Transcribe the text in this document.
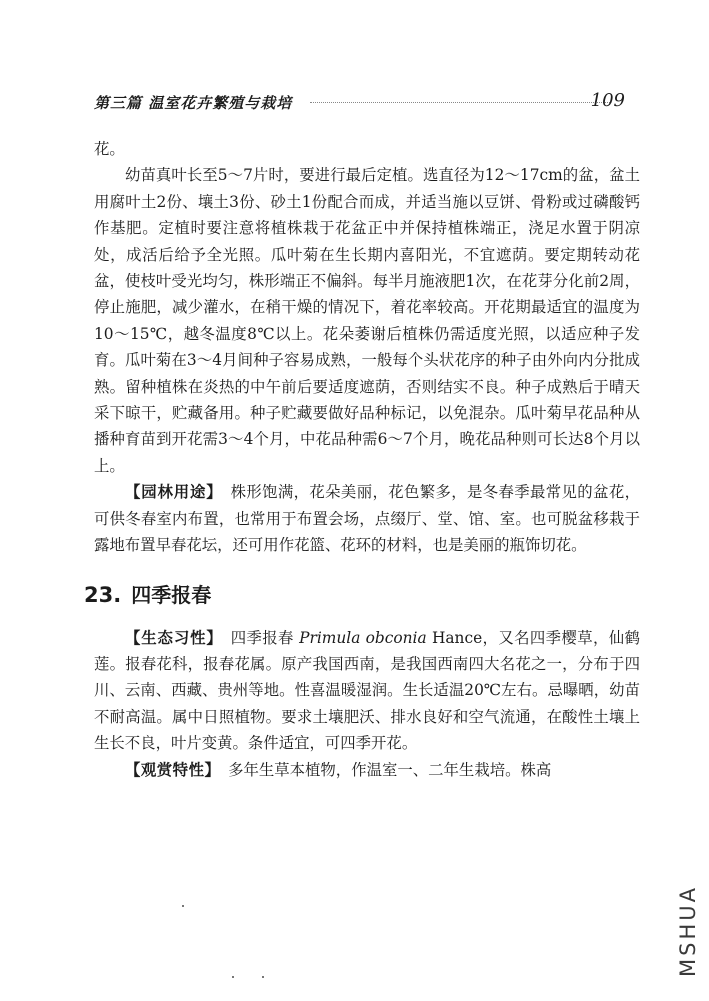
第三篇 温室花卉繁殖与栽培	109

花。

幼苗真叶长至5～7片时，要进行最后定植。选直径为12～17cm的盆，盆土用腐叶土2份、壤土3份、砂土1份配合而成，并适当施以豆饼、骨粉或过磷酸钙作基肥。定植时要注意将植株栽于花盆正中并保持植株端正，浇足水置于阴凉处，成活后给予全光照。瓜叶菊在生长期内喜阳光，不宜遮荫。要定期转动花盆，使枝叶受光均匀，株形端正不偏斜。每半月施液肥1次，在花芽分化前2周，停止施肥，减少灌水，在稍干燥的情况下，着花率较高。开花期最适宜的温度为10～15℃，越冬温度8℃以上。花朵萎谢后植株仍需适度光照，以适应种子发育。瓜叶菊在3～4月间种子容易成熟，一般每个头状花序的种子由外向内分批成熟。留种植株在炎热的中午前后要适度遮荫，否则结实不良。种子成熟后于晴天采下晾干，贮藏备用。种子贮藏要做好品种标记，以免混杂。瓜叶菊早花品种从播种育苗到开花需3～4个月，中花品种需6～7个月，晚花品种则可长达8个月以上。

【园林用途】　 株形饱满，花朵美丽，花色繁多，是冬春季最常见的盆花，可供冬春室内布置，也常用于布置会场，点缀厅、堂、馆、室。也可脱盆移栽于露地布置早春花坛，还可用作花篮、花环的材料，也是美丽的瓶饰切花。

23. 四季报春

【生态习性】　 四季报春 Primula obconia Hance，又名四季樱草，仙鹤莲。报春花科，报春花属。原产我国西南，是我国西南四大名花之一，分布于四川、云南、西藏、贵州等地。性喜温暖湿润。生长适温20℃左右。忌曝晒，幼苗不耐高温。属中日照植物。要求土壤肥沃、排水良好和空气流通，在酸性土壤上生长不良，叶片变黄。条件适宜，可四季开花。

【观赏特性】　 多年生草本植物，作温室一、二年生栽培。株高

MSHUA
